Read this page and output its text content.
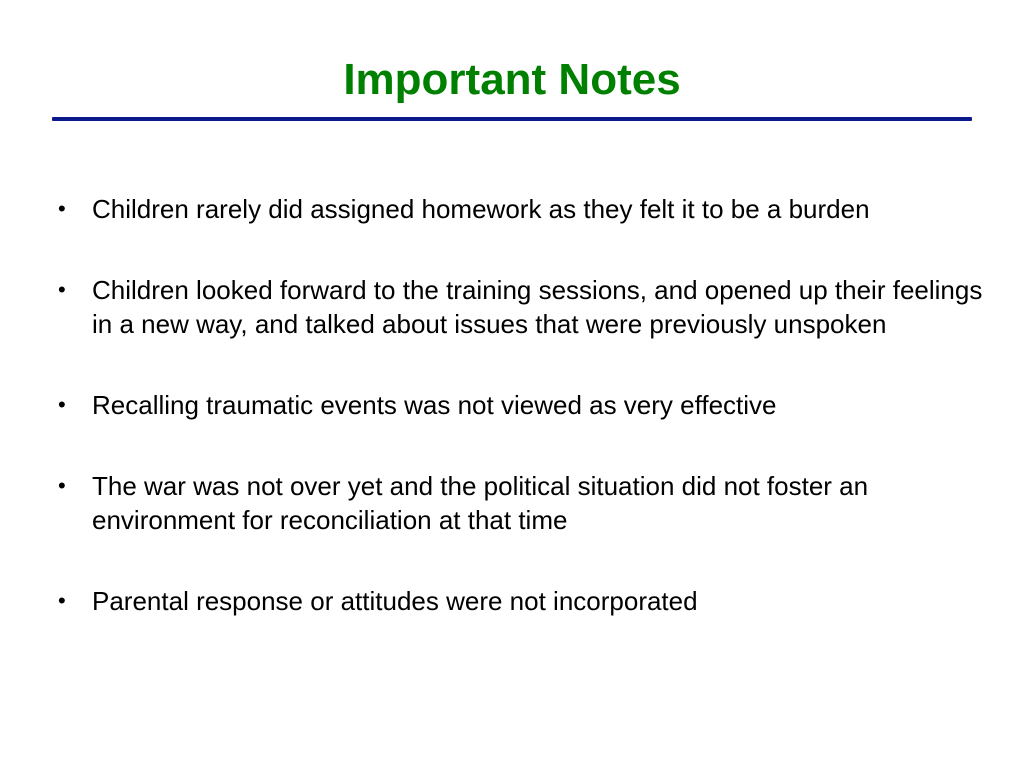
Important Notes
• Children rarely did assigned homework as they felt it to be a burden
• Children looked forward to the training sessions, and opened up their feelings in a new way, and talked about issues that were previously unspoken
• Recalling traumatic events was not viewed as very effective
• The war was not over yet and the political situation did not foster an environment for reconciliation at that time
• Parental response or attitudes were not incorporated
